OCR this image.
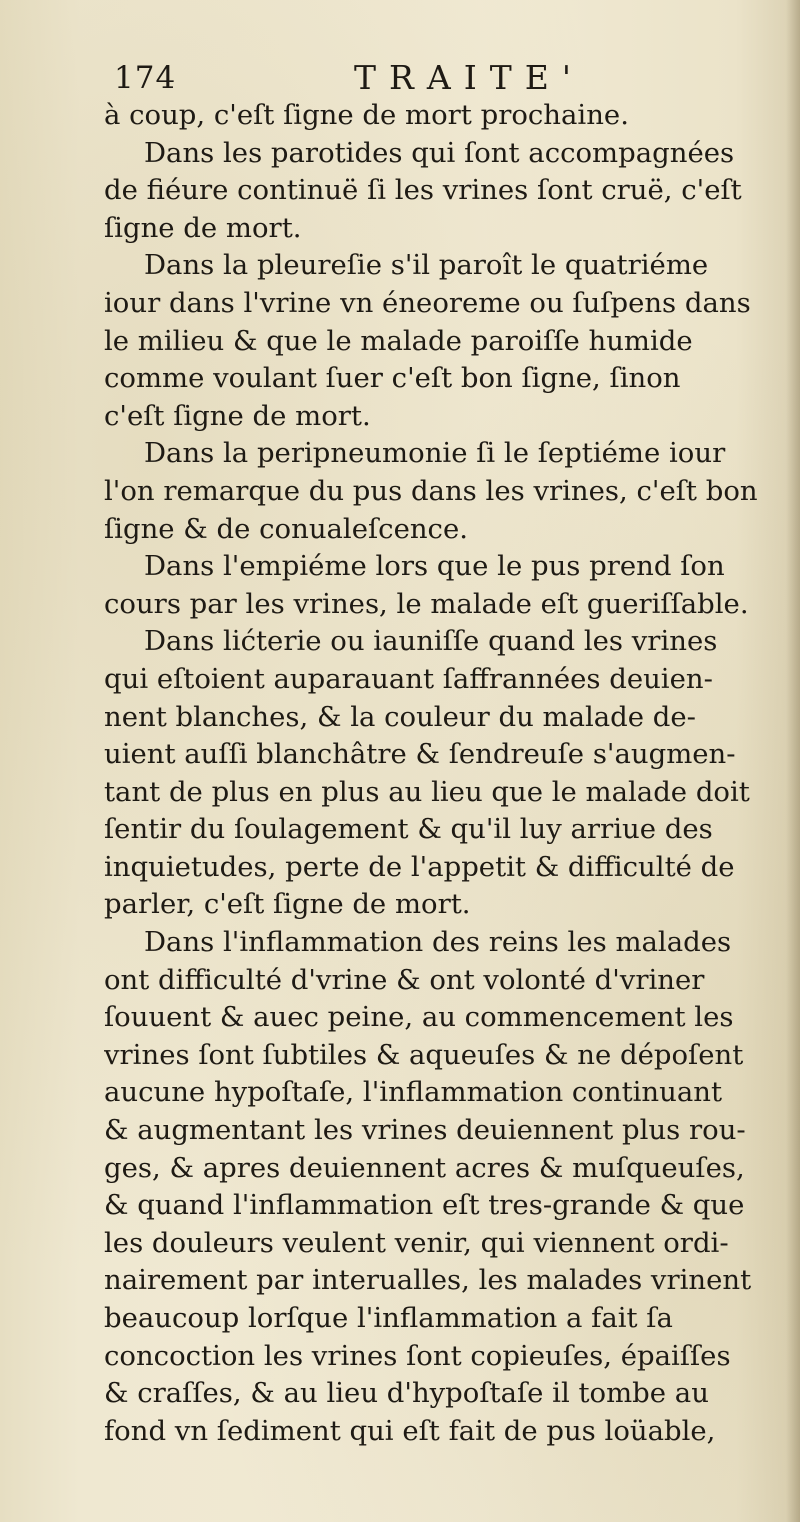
174	TRAITE'
à coup, c'eſt ſigne de mort prochaine.
Dans les parotides qui ſont accompagnées
de fiéure continuë ſi les vrines ſont cruë, c'eſt
ſigne de mort.
Dans la pleureſie s'il paroît le quatriéme
iour dans l'vrine vn éneoreme ou ſuſpens dans
le milieu & que le malade paroiſſe humide
comme voulant ſuer c'eſt bon ſigne, ſinon
c'eſt ſigne de mort.
Dans la peripneumonie ſi le ſeptiéme iour
l'on remarque du pus dans les vrines, c'eſt bon
ſigne & de conualeſcence.
Dans l'empiéme lors que le pus prend ſon
cours par les vrines, le malade eſt gueriſſable.
Dans lićterie ou iauniſſe quand les vrines
qui eſtoient auparauant ſaffrannées deuien-
nent blanches, & la couleur du malade de-
uient auſſi blanchâtre & ſendreuſe s'augmen-
tant de plus en plus au lieu que le malade doit
ſentir du ſoulagement & qu'il luy arriue des
inquietudes, perte de l'appetit & difficulté de
parler, c'eſt ſigne de mort.
Dans l'inflammation des reins les malades
ont difficulté d'vrine & ont volonté d'vriner
ſouuent & auec peine, au commencement les
vrines ſont ſubtiles & aqueuſes & ne dépoſent
aucune hypoſtaſe, l'inflammation continuant
& augmentant les vrines deuiennent plus rou-
ges, & apres deuiennent acres & muſqueuſes,
& quand l'inflammation eſt tres-grande & que
les douleurs veulent venir, qui viennent ordi-
nairement par interualles, les malades vrinent
beaucoup lorſque l'inflammation a fait ſa
concoction les vrines ſont copieuſes, épaiſſes
& craſſes, & au lieu d'hypoſtaſe il tombe au
fond vn ſediment qui eſt fait de pus loüable,
